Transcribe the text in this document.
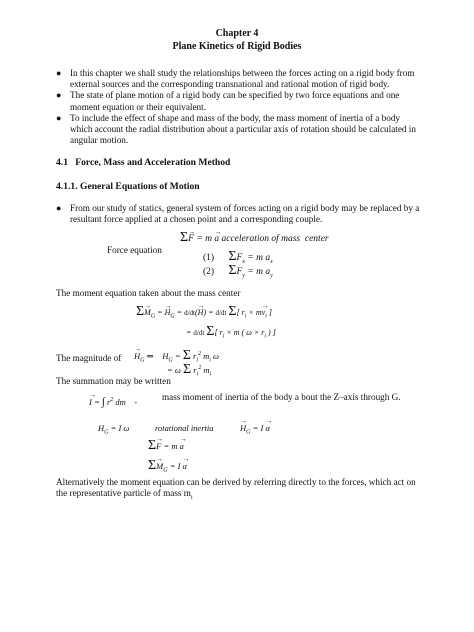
Chapter 4
Plane Kinetics of Rigid Bodies
● In this chapter we shall study the relationships between the forces acting on a rigid body from external sources and the corresponding transnational and rational motion of rigid body.
● The state of plane motion of a rigid body can be specified by two force equations and one moment equation or their equivalent.
● To include the effect of shape and mass of the body, the mass moment of inertia of a body which account the radial distribution about a particular axis of rotation should be calculated in angular motion.
4.1 Force, Mass and Acceleration Method
4.1.1. General Equations of Motion
● From our study of statics, general system of forces acting on a rigid body may be replaced by a resultant force applied at a chosen point and a corresponding couple.
Force equation
Σ→ F = m → a acceleration of mass  center
(1) $\Sigma F_x = m$ $a_x$
(2) $\Sigma F_y = m$ $a_y$
The moment equation taken about the mass center
$\Sigma\to M_G$ = → $H_G = d/dt(\to H) = d/dt$ Σ[ $r_i \times m\to v_i$ ]
= d/dt Σ[ $r_i \times m$ ( $\omega \times r_i$ ) ]
The magnitude of → $H_G$ ⇒    $H_G = \Sigma$ $r_i^2$ $m_i$ ω
= ω Σ $r_i^2$ $m_i$
The summation may be written
→ I = ∫ $r^2$ dm    -	mass moment of inertia of the body a bout the Z–axis through G.
$H_G = I$ ω	rotational inertia	→ $H_G = I \to \alpha$
Σ→ F = m → a
$\Sigma\to M_G = I \to \alpha$
Alternatively the moment equation can be derived by referring directly to the forces, which act on the representative particle of mass $m_i$
